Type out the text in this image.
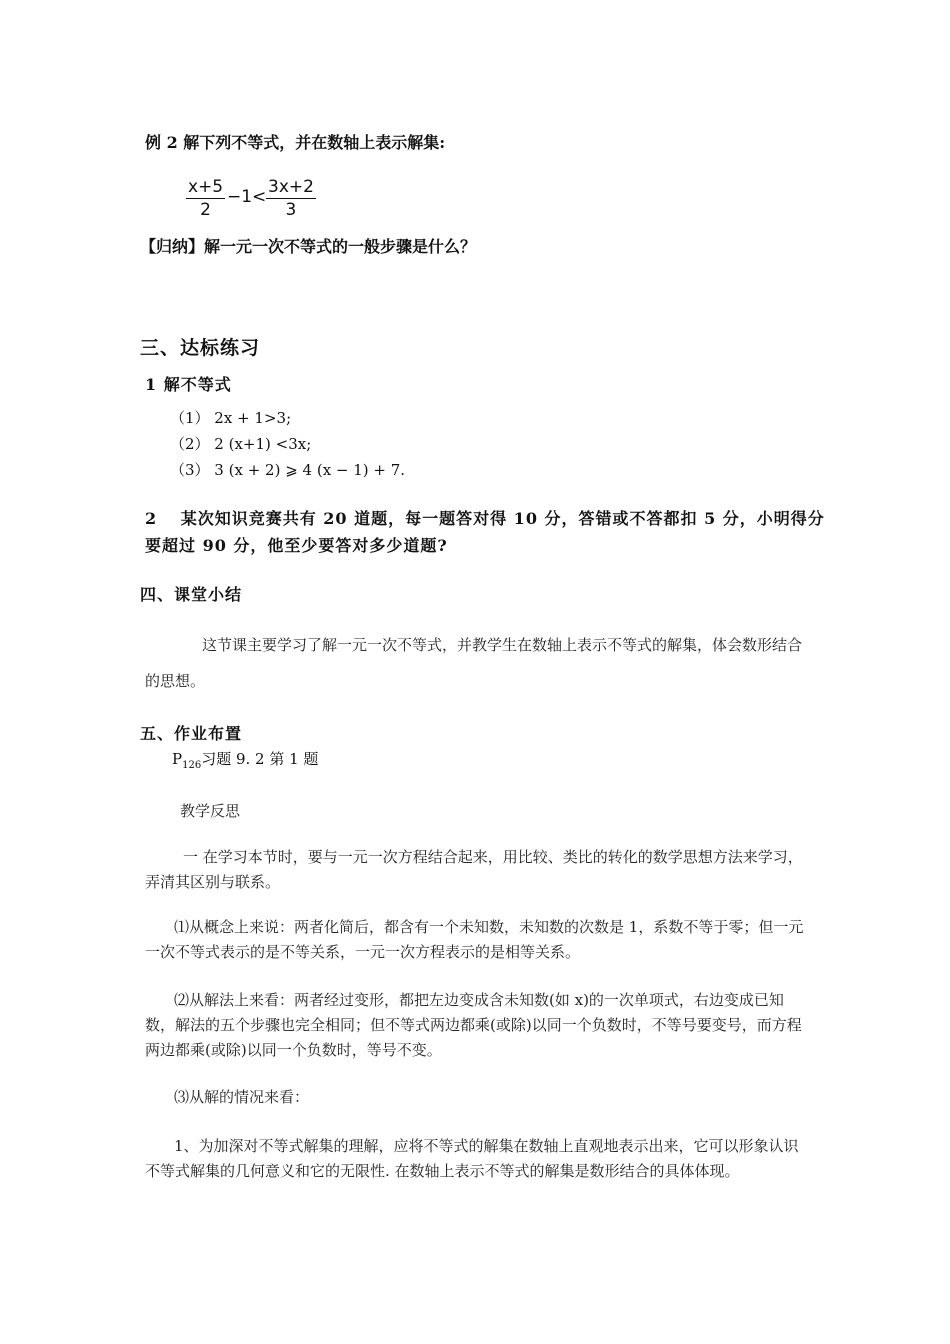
例 2 解下列不等式，并在数轴上表示解集:
$\frac{x+5}{2} -1 < \frac{3x+2}{3}$
【归纳】解一元一次不等式的一般步骤是什么？
三、达标练习
1 解不等式
（1） 2x + 1>3;
（2） 2 (x+1) <3x;
（3） 3 (x + 2) ⩾ 4 (x − 1) + 7.
2　 某次知识竞赛共有 20 道题，每一题答对得 10 分，答错或不答都扣 5 分，小明得分要超过 90 分，他至少要答对多少道题?
四、课堂小结
这节课主要学习了解一元一次不等式，并教学生在数轴上表示不等式的解集，体会数形结合的思想。
五、作业布置
$P_{126}$习题 9. 2 第 1 题
教学反思
一 在学习本节时，要与一元一次方程结合起来，用比较、类比的转化的数学思想方法来学习，弄清其区别与联系。
⑴从概念上来说：两者化简后，都含有一个未知数，未知数的次数是 1，系数不等于零；但一元一次不等式表示的是不等关系，一元一次方程表示的是相等关系。
⑵从解法上来看：两者经过变形，都把左边变成含未知数(如 x)的一次单项式，右边变成已知数，解法的五个步骤也完全相同；但不等式两边都乘(或除)以同一个负数时，不等号要变号，而方程两边都乘(或除)以同一个负数时，等号不变。
⑶从解的情况来看：
1、为加深对不等式解集的理解，应将不等式的解集在数轴上直观地表示出来，它可以形象认识不等式解集的几何意义和它的无限性. 在数轴上表示不等式的解集是数形结合的具体体现。
